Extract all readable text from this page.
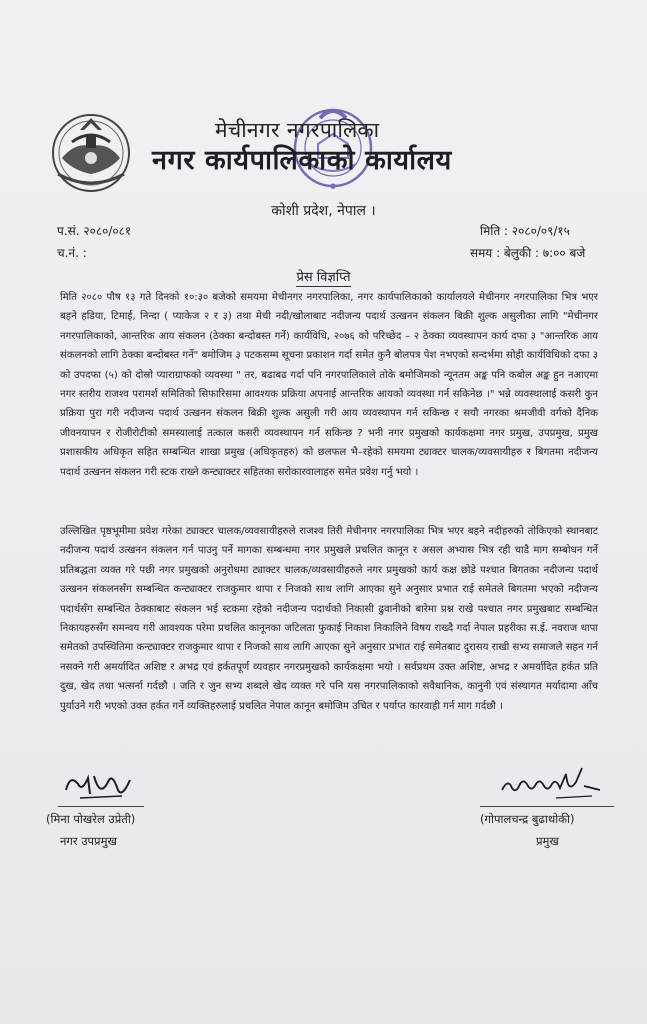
●
मेचीनगर नगरपालिका
नगर कार्यपालिकाको कार्यालय
कोशी प्रदेश, नेपाल ।
प.सं. २०८०/०८१
च.नं. :
मिति : २०८०/०९/१५
समय : बेलुकी : ७:०० बजे
प्रेस विज्ञप्ति
मिति २०८० पौष १३ गते दिनको १०:३० बजेको समयमा मेचीनगर नगरपालिका, नगर कार्यपालिकाको कार्यालयले मेचीनगर नगरपालिका भित्र भएर बहने हडिया, टिमाई, निन्दा ( प्याकेज २ र ३) तथा मेची नदी/खोलाबाट नदीजन्य पदार्थ उत्खनन संकलन बिक्री शुल्क असुलीका लागि "मेचीनगर नगरपालिकाको, आन्तरिक आय संकलन (ठेक्का बन्दोबस्त गर्ने) कार्यविधि, २०७६ को परिच्छेद – २ ठेक्का व्यवस्थापन कार्य दफा ३ "आन्तरिक आय संकलनको लागि ठेक्का बन्दोबस्त गर्ने" बमोजिम ३ पटकसम्म सूचना प्रकाशन गर्दा समेत कुनै बोलपत्र पेश नभएको सन्दर्भमा सोही कार्यविधिको दफा ३ को उपदफा (५) को दोस्रो प्याराग्राफको व्यवस्था " तर, बढाबढ गर्दा पनि नगरपालिकाले तोके बमोजिमको न्यूनतम अङ्क पनि कबोल अङ्क हुन नआएमा नगर स्तरीय राजश्व परामर्श समितिको सिफारिसमा आवश्यक प्रक्रिया अपनाई आन्तरिक आयको व्यवस्था गर्न सकिनेछ ।" भन्ने व्यवस्थालाई कसरी कुन प्रक्रिया पुरा गरी नदीजन्य पदार्थ उत्खनन संकलन बिक्री शुल्क असुली गरी आय व्यवस्थापन गर्न सकिन्छ र सयौ नगरका श्रमजीवी वर्गको दैनिक जीवनयापन र रोजीरोटीको समस्यालाई तत्काल कसरी व्यवस्थापन गर्न सकिन्छ ? भनी नगर प्रमुखको कार्यकक्षमा नगर प्रमुख, उपप्रमुख, प्रमुख प्रशासकीय अधिकृत सहित सम्बन्धित शाखा प्रमुख (अधिकृतहरु) को छलफल भै–रहेको समयमा ट्याक्टर चालक/व्यवसायीहरु र बिगतमा नदीजन्य पदार्थ उत्खनन संकलन गरी स्टक राख्ने कन्ट्याक्टर सहितका सरोकारवालाहरु समेत प्रवेश गर्नु भयो ।
उल्लिखित पृष्ठभूमीमा प्रवेश गरेका ट्याक्टर चालक/व्यवसायीहरुले राजश्व तिरी मेचीनगर नगरपालिका भित्र भएर बहने नदीहरुको तोकिएको स्थानबाट नदीजन्य पदार्थ उत्खनन संकलन गर्न पाउनु पर्ने मागका सम्बन्धमा नगर प्रमुखले प्रचलित कानून र असल अभ्यास भित्र रही चाडै माग सम्बोधन गर्ने प्रतिबद्धता व्यक्त गरे पछी नगर प्रमुखको अनुरोधमा ट्याक्टर चालक/व्यवसायीहरुले नगर प्रमुखको कार्य कक्ष छोडे पश्चात बिगतका नदीजन्य पदार्थ उत्खनन संकलनसँग सम्बन्धित कन्ट्याक्टर राजकुमार थापा र निजको साथ लागि आएका सुने अनुसार प्रभात राई समेतले बिगतमा भएको नदीजन्य पदार्थसँग सम्बन्धित ठेक्काबाट संकलन भई स्टकमा रहेको नदीजन्य पदार्थको निकासी ढुवानीको बारेमा प्रश्न राखे पश्चात नगर प्रमुखबाट सम्बन्धित निकायहरुसँग समन्वय गरी आवश्यक परेमा प्रचलित कानूनका जटिलता फुकाई निकाश निकालिने विषय राख्दै गर्दा नेपाल प्रहरीका स.ई. नवराज थापा समेतको उपस्थितिमा कन्ट्याक्टर राजकुमार थापा र निजको साथ लागि आएका सुने अनुसार प्रभात राई समेतबाट दुरासय राखी सभ्य समाजले सहन गर्न नसक्ने गरी अमर्यादित अशिष्ट र अभद्र एवं हर्कतपूर्ण व्यवहार नगरप्रमुखको कार्यकक्षमा भयो । सर्वप्रथम उक्त अशिष्ट, अभद्र र अमर्यादित हर्कत प्रति दुख, खेद तथा भत्सर्ना गर्दछौ । जति र जुन सभ्य शब्दले खेद व्यक्त गरे पनि यस नगरपालिकाको सवैधानिक, कानुनी एवं संस्थागत मर्यादामा आँच पुर्याउने गरी भएको उक्त हर्कत गर्ने व्यक्तिहरुलाई प्रचलित नेपाल कानून बमोजिम उचित र पर्याप्त कारवाही गर्न माग गर्दछौ ।
(मिना पोखरेल उप्रेती)
नगर उपप्रमुख
(गोपालचन्द्र बुढाथोकी)
प्रमुख
